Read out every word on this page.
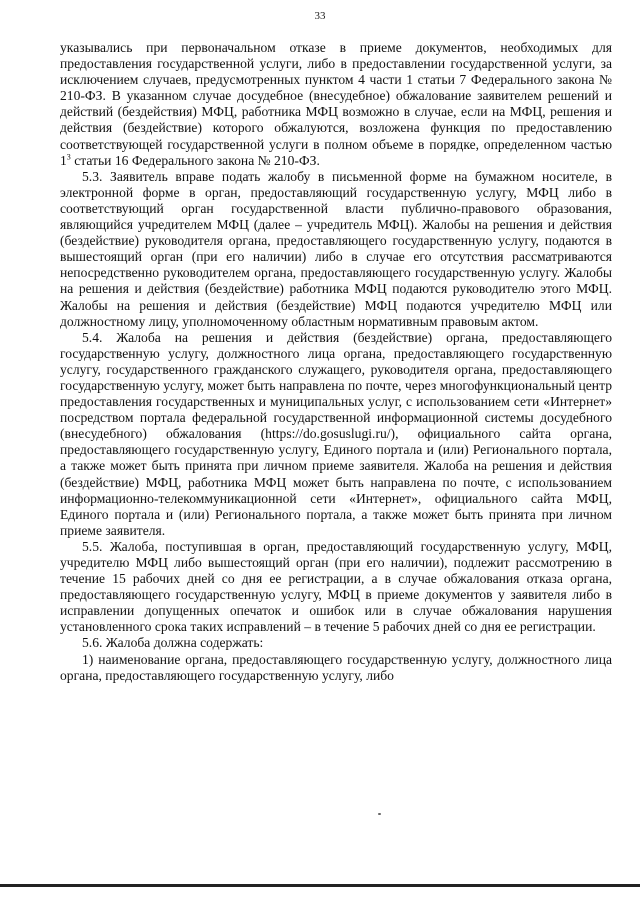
33

указывались при первоначальном отказе в приеме документов, необходимых для предоставления государственной услуги, либо в предоставлении государственной услуги, за исключением случаев, предусмотренных пунктом 4 части 1 статьи 7 Федерального закона № 210-ФЗ. В указанном случае досудебное (внесудебное) обжалование заявителем решений и действий (бездействия) МФЦ, работника МФЦ возможно в случае, если на МФЦ, решения и действия (бездействие) которого обжалуются, возложена функция по предоставлению соответствующей государственной услуги в полном объеме в порядке, определенном частью $1^3$ статьи 16 Федерального закона № 210-ФЗ.

5.3. Заявитель вправе подать жалобу в письменной форме на бумажном носителе, в электронной форме в орган, предоставляющий государственную услугу, МФЦ либо в соответствующий орган государственной власти публично-правового образования, являющийся учредителем МФЦ (далее – учредитель МФЦ). Жалобы на решения и действия (бездействие) руководителя органа, предоставляющего государственную услугу, подаются в вышестоящий орган (при его наличии) либо в случае его отсутствия рассматриваются непосредственно руководителем органа, предоставляющего государственную услугу. Жалобы на решения и действия (бездействие) работника МФЦ подаются руководителю этого МФЦ. Жалобы на решения и действия (бездействие) МФЦ подаются учредителю МФЦ или должностному лицу, уполномоченному областным нормативным правовым актом.

5.4. Жалоба на решения и действия (бездействие) органа, предоставляющего государственную услугу, должностного лица органа, предоставляющего государственную услугу, государственного гражданского служащего, руководителя органа, предоставляющего государственную услугу, может быть направлена по почте, через многофункциональный центр предоставления государственных и муниципальных услуг, с использованием сети «Интернет» посредством портала федеральной государственной информационной системы досудебного (внесудебного) обжалования (https://do.gosuslugi.ru/), официального сайта органа, предоставляющего государственную услугу, Единого портала и (или) Регионального портала, а также может быть принята при личном приеме заявителя. Жалоба на решения и действия (бездействие) МФЦ, работника МФЦ может быть направлена по почте, с использованием информационно-телекоммуникационной сети «Интернет», официального сайта МФЦ, Единого портала и (или) Регионального портала, а также может быть принята при личном приеме заявителя.

5.5. Жалоба, поступившая в орган, предоставляющий государственную услугу, МФЦ, учредителю МФЦ либо вышестоящий орган (при его наличии), подлежит рассмотрению в течение 15 рабочих дней со дня ее регистрации, а в случае обжалования отказа органа, предоставляющего государственную услугу, МФЦ в приеме документов у заявителя либо в исправлении допущенных опечаток и ошибок или в случае обжалования нарушения установленного срока таких исправлений – в течение 5 рабочих дней со дня ее регистрации.

5.6. Жалоба должна содержать:

1) наименование органа, предоставляющего государственную услугу, должностного лица органа, предоставляющего государственную услугу, либо
